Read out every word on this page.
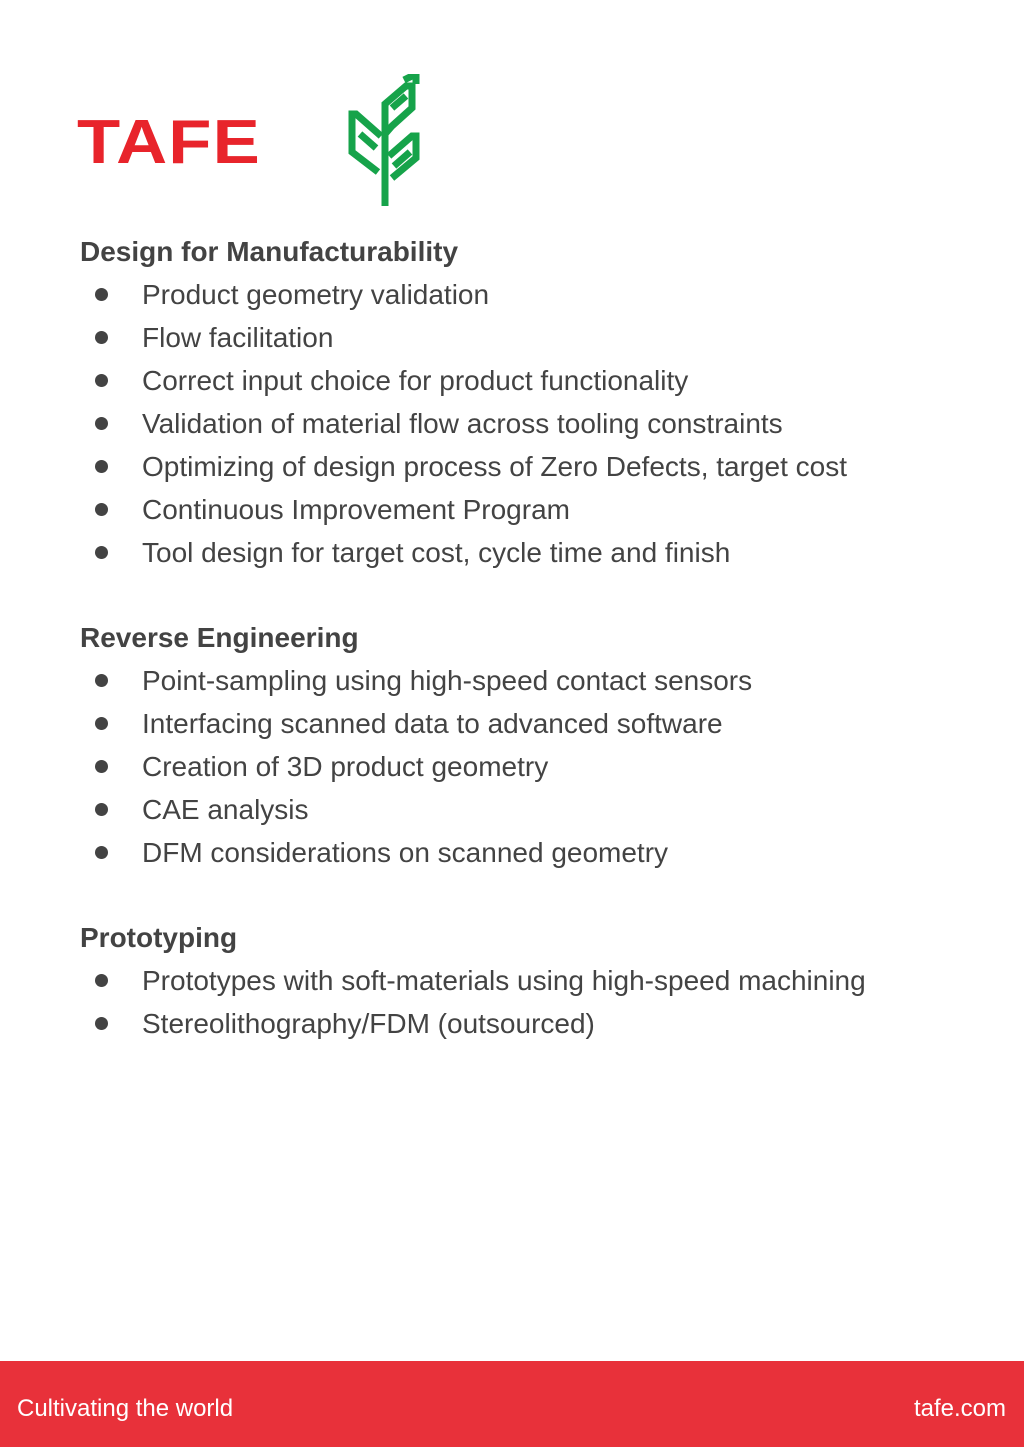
TAFE
Design for Manufacturability
Product geometry validation
Flow facilitation
Correct input choice for product functionality
Validation of material flow across tooling constraints
Optimizing of design process of Zero Defects, target cost
Continuous Improvement Program
Tool design for target cost, cycle time and finish
Reverse Engineering
Point-sampling using high-speed contact sensors
Interfacing scanned data to advanced software
Creation of 3D product geometry
CAE analysis
DFM considerations on scanned geometry
Prototyping
Prototypes with soft-materials using high-speed machining
Stereolithography/FDM (outsourced)
Cultivating the world	tafe.com
